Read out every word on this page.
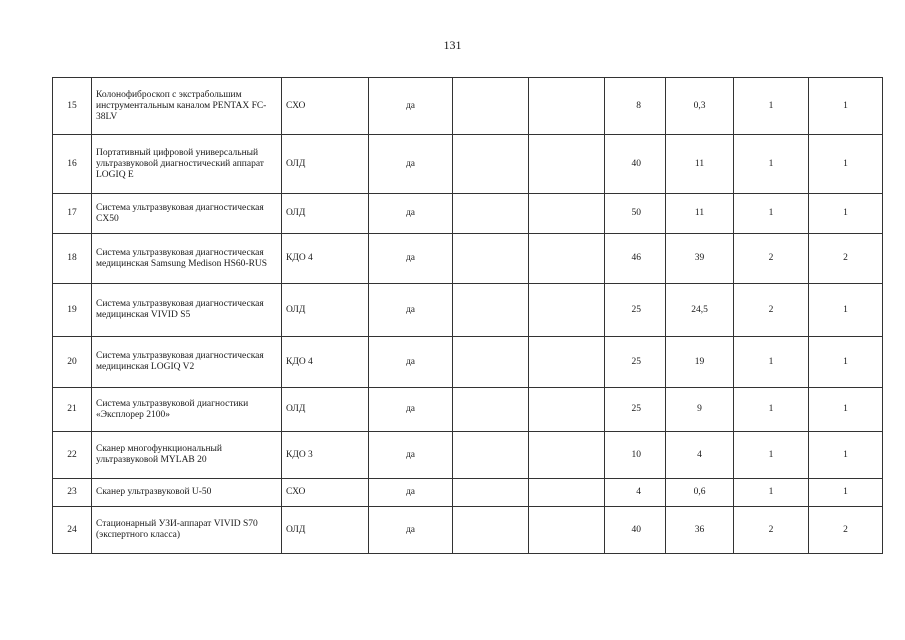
131
15	Колонофиброскоп с экстрабольшим инструментальным каналом PENTAX FC-38LV	СХО	да			8	0,3	1	1
16	Портативный цифровой универсальный ультразвуковой диагностический аппарат LOGIQ E	ОЛД	да			40	11	1	1
17	Система ультразвуковая диагностическая CX50	ОЛД	да			50	11	1	1
18	Система ультразвуковая диагностическая медицинская Samsung Medison HS60-RUS	КДО 4	да			46	39	2	2
19	Система ультразвуковая диагностическая медицинская VIVID S5	ОЛД	да			25	24,5	2	1
20	Система ультразвуковая диагностическая медицинская LOGIQ V2	КДО 4	да			25	19	1	1
21	Система ультразвуковой диагностики «Эксплорер 2100»	ОЛД	да			25	9	1	1
22	Сканер многофункциональный ультразвуковой MYLAB 20	КДО 3	да			10	4	1	1
23	Сканер ультразвуковой U-50	СХО	да			4	0,6	1	1
24	Стационарный УЗИ-аппарат VIVID S70 (экспертного класса)	ОЛД	да			40	36	2	2
